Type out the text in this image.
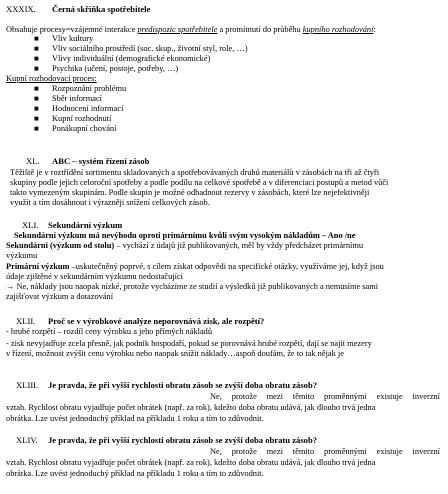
XXXIX. Černá skříňka spotřebitele
Obsahuje procesy=vzájemné interakce predispozic spotřebitele a promítnutí do průběhu kupního rozhodování:
■ Vliv kultury
■ Vliv sociálního prostředí (soc. skup., životní styl, role, …)
■ Vlivy individuální (demografické ekonomické)
■ Psychika (učení, postoje, potřeby, …)
Kupní rozhodovací proces:
■ Rozpoznání problému
■ Sběr informací
■ Hodnocení informací
■ Kupní rozhodnutí
■ Ponákupní chování
XL. ABC – systém řízení zásob
Těžiště je v roztřídění sortimentu skladovaných a spotřebovávaných druhů materiálů v zásobách na tři až čtyři
skupiny podle jejich celoroční spotřeby a podle podílu na celkové spotřebě a v diferenciaci postupů a metod vůči
takto vymezeným skupinám. Podle skupin je možné odhadnout rezervy v zásobách, které lze nejefektivněji
využít a tím dosáhnout i výrazněji snížení celkových zásob.
XLI. Sekundární výzkum
Sekundární výzkum má nevýhodu oproti primárnímu kvůli svým vysokým nákladům – Ano /ne
Sekundární (výzkum od stolu) – vychází z údajů již publikovaných, měl by vždy předcházet primárnímu
výzkumu
Primární výzkum –uskutečněný poprvé, s cílem získat odpovědi na specifické otázky, využíváme jej, když jsou
údaje zjištěné v sekundárním výzkumu nedostačující
→ Ne, náklady jsou naopak nízké, protože vycházíme ze studií a výsledků již publikovaných a nemusíme sami
zajišťovat výzkum a dotazování
XLII. Proč se v výrobkové analýze neporovnává zisk, ale rozpětí?
- hrubé rozpětí – rozdíl ceny výrobku a jeho přímých nákladů
- zisk nevyjadřuje zcela přesně, jak podnik hospodaří, pokud se porovnává hrubé rozpětí, dají se najít mezery
v řízení, možnost zvýšit cenu výrobku nebo naopak snížit náklady…aspoň doufám, že to tak nějak je
XLIII. Je pravda, že při vyšší rychlosti obratu zásob se zvýší doba obratu zásob?
Ne, protože mezi těmito proměnnými existuje inverzní
vztah. Rychlost obratu vyjadřuje počet obrátek (např. za rok), kdežto doba obratu udává, jak dlouho trvá jedna
obrátka. Lze uvést jednoduchý příklad na příkladu 1 roku a tím to zdůvodnit.
XLIV. Je pravda, že při vyšší rychlosti obratu zásob se zvýší doba obratu zásob?
Ne, protože mezi těmito proměnnými existuje inverzní
vztah. Rychlost obratu vyjadřuje počet obrátek (např. za rok), kdežto doba obratu udává, jak dlouho trvá jedna
obrátka. Lze uvést jednoduchý příklad na příkladu 1 roku a tím to zdůvodnit.
